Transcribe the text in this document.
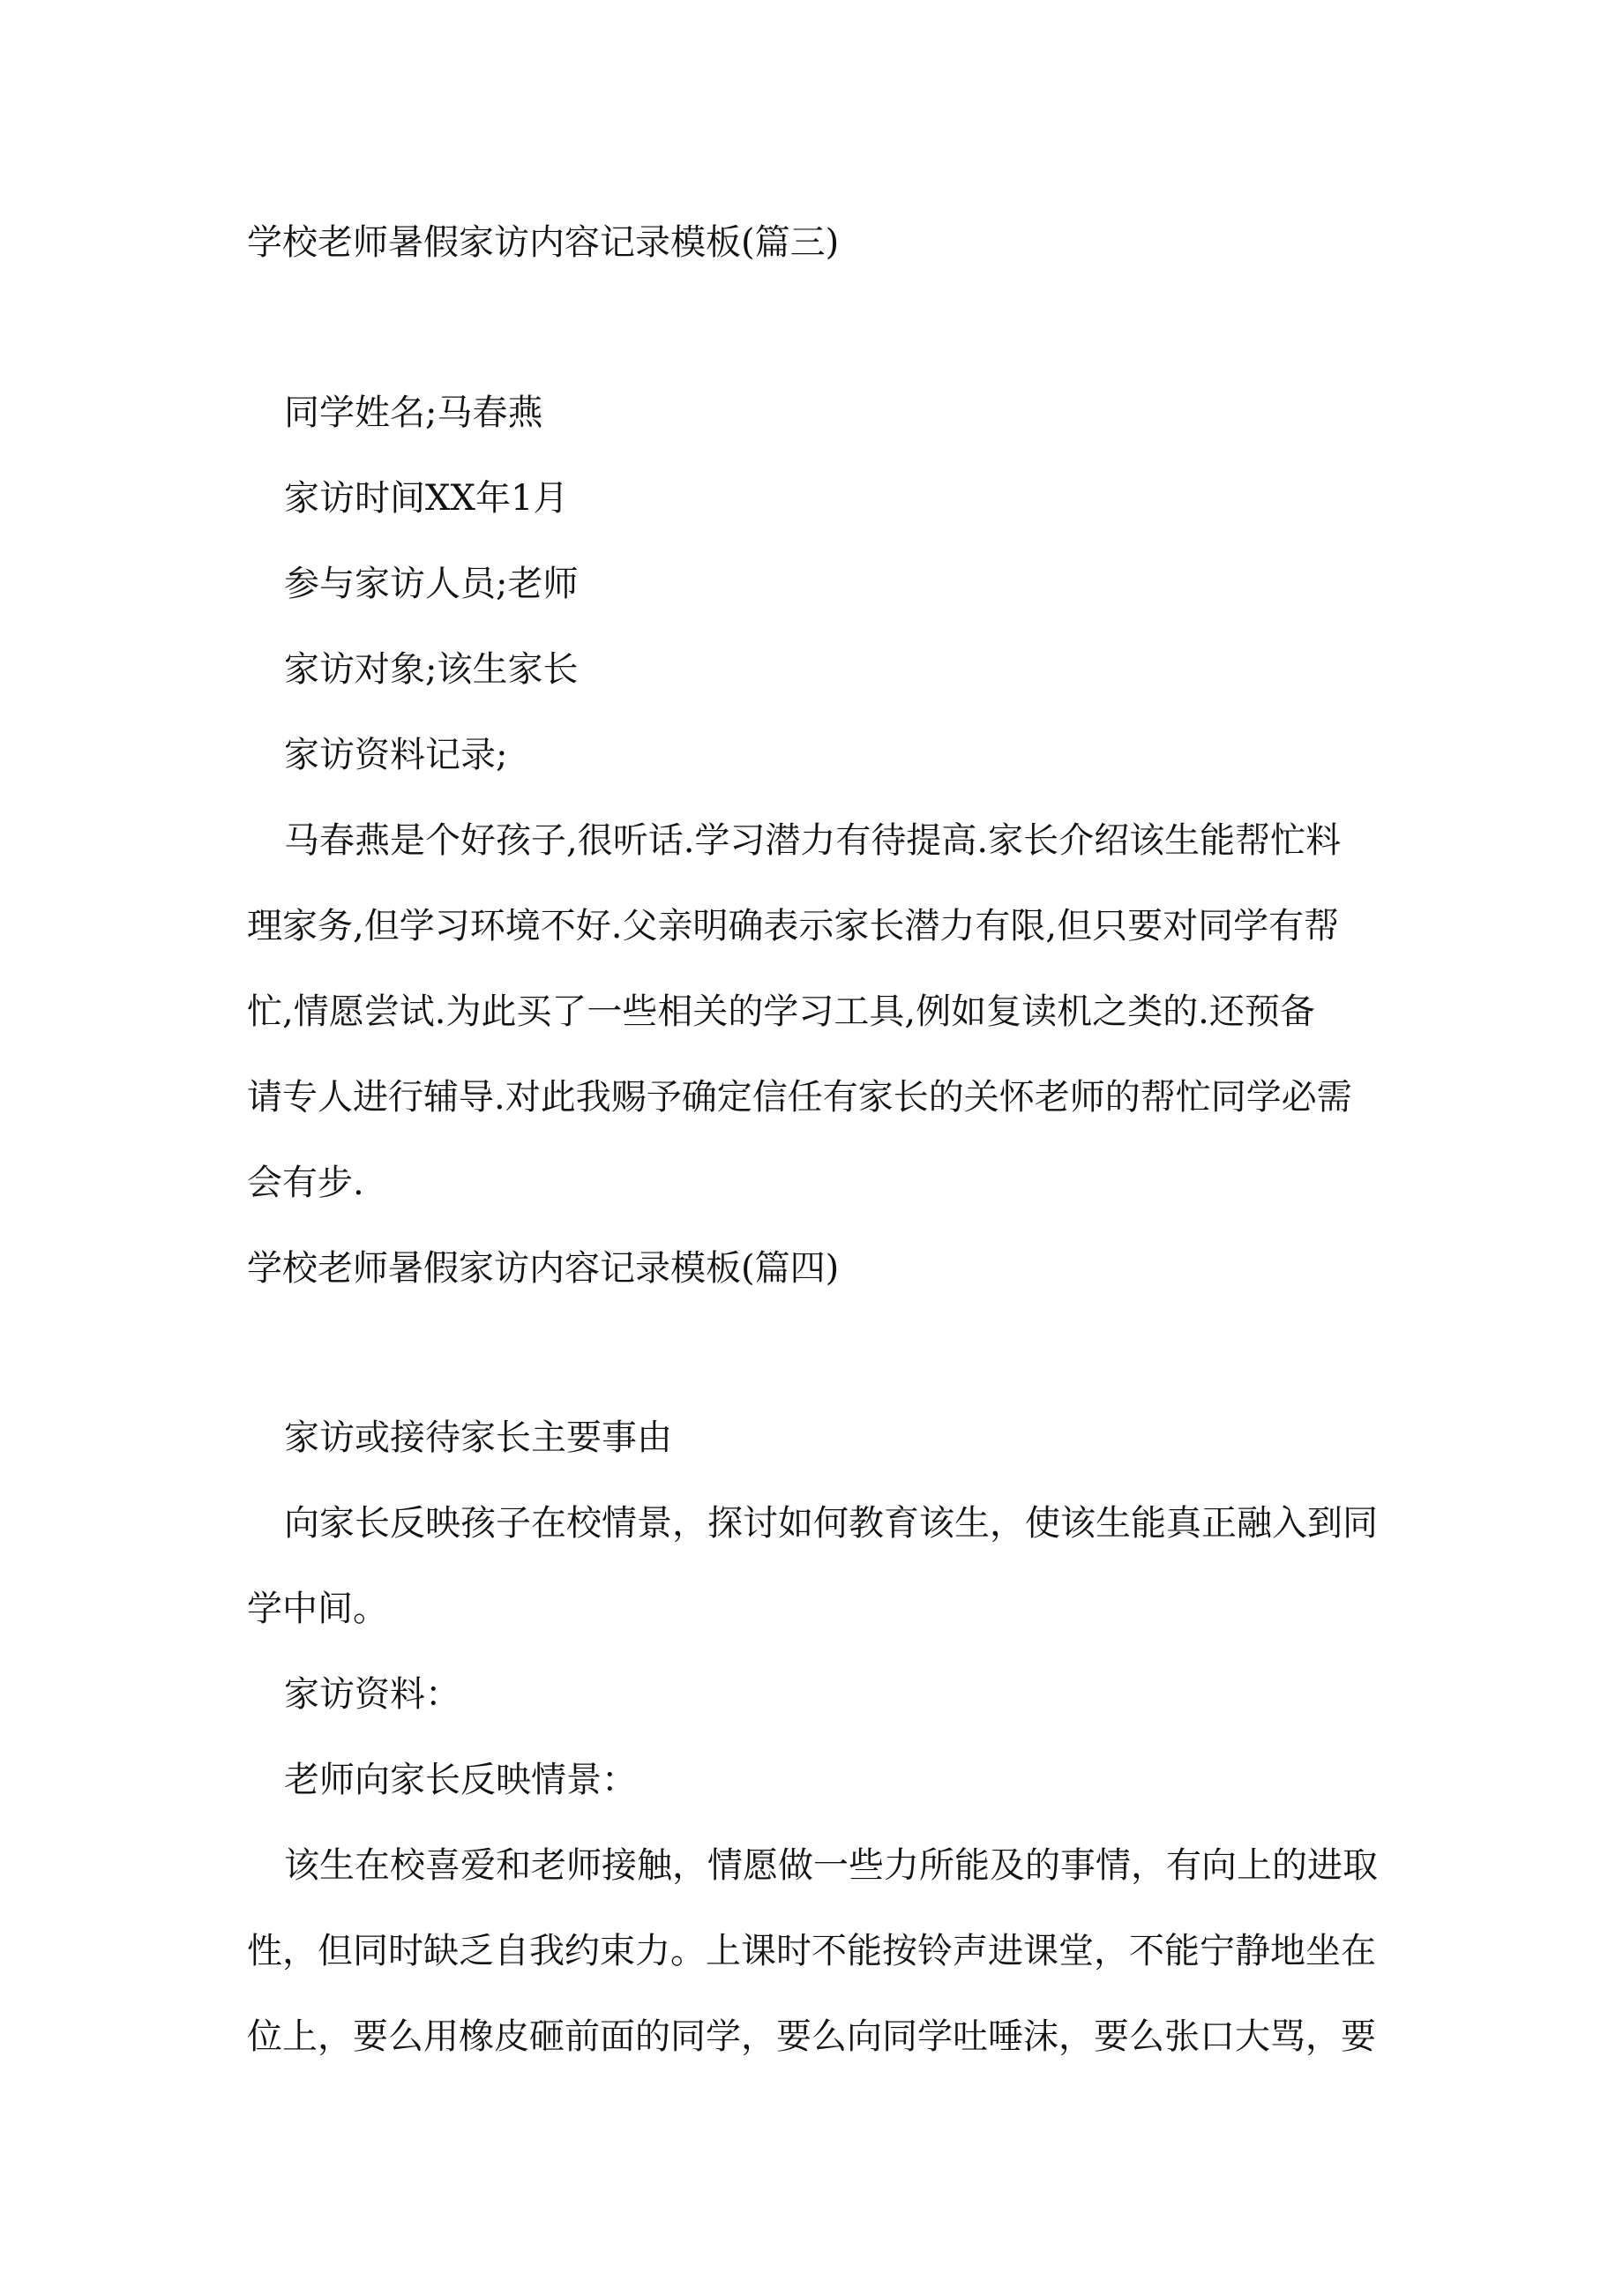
学校老师暑假家访内容记录模板(篇三)
同学姓名;马春燕
家访时间XX年1月
参与家访人员;老师
家访对象;该生家长
家访资料记录;
马春燕是个好孩子,很听话.学习潜力有待提高.家长介绍该生能帮忙料
理家务,但学习环境不好.父亲明确表示家长潜力有限,但只要对同学有帮
忙,情愿尝试.为此买了一些相关的学习工具,例如复读机之类的.还预备
请专人进行辅导.对此我赐予确定信任有家长的关怀老师的帮忙同学必需
会有步.
学校老师暑假家访内容记录模板(篇四)
家访或接待家长主要事由
向家长反映孩子在校情景，探讨如何教育该生，使该生能真正融入到同
学中间。
家访资料：
老师向家长反映情景：
该生在校喜爱和老师接触，情愿做一些力所能及的事情，有向上的进取
性，但同时缺乏自我约束力。上课时不能按铃声进课堂，不能宁静地坐在
位上，要么用橡皮砸前面的同学，要么向同学吐唾沫，要么张口大骂，要
